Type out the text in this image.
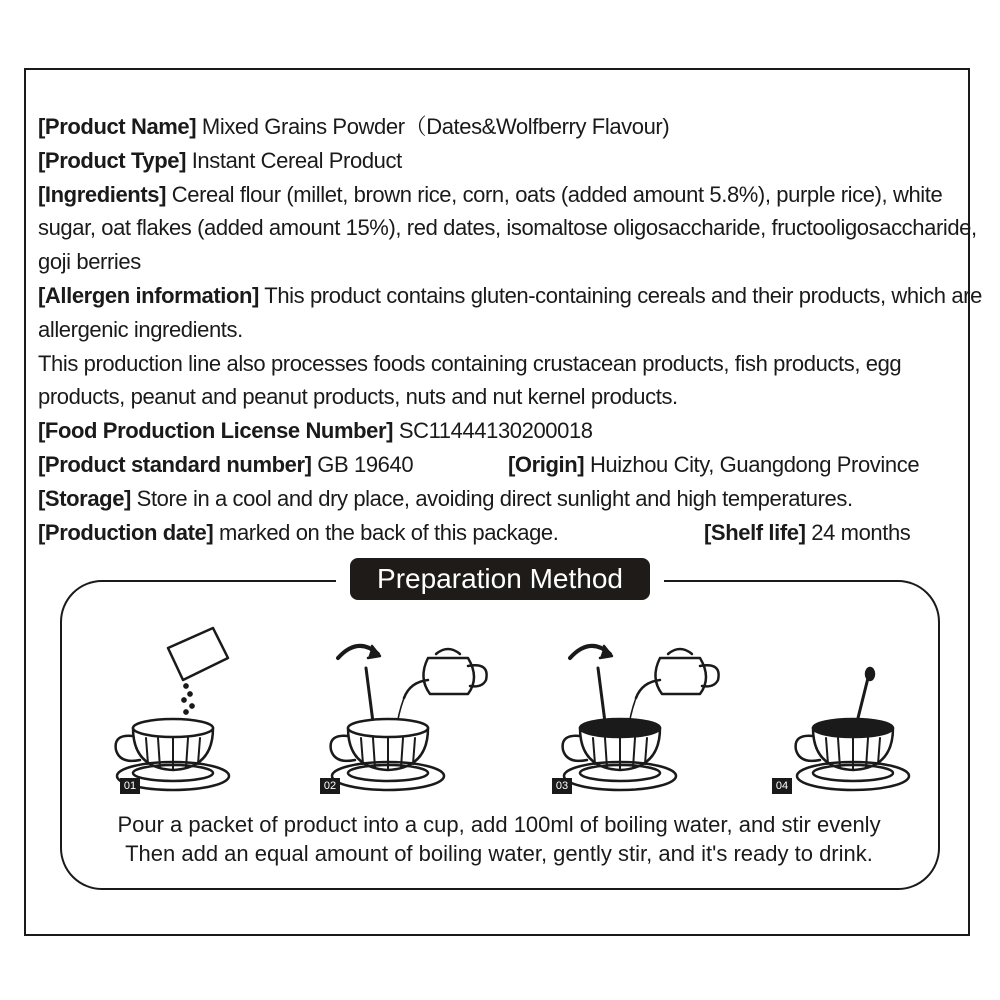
[Product Name] Mixed Grains Powder（Dates&Wolfberry Flavour)
[Product Type] Instant Cereal Product
[Ingredients] Cereal flour (millet, brown rice, corn, oats (added amount 5.8%), purple rice), white
sugar, oat flakes (added amount 15%), red dates, isomaltose oligosaccharide, fructooligosaccharide,
goji berries
[Allergen information] This product contains gluten-containing cereals and their products, which are
allergenic ingredients.
This production line also processes foods containing crustacean products, fish products, egg
products, peanut and peanut products, nuts and nut kernel products.
[Food Production License Number] SC11444130200018
[Product standard number] GB 19640	[Origin] Huizhou City, Guangdong Province
[Storage] Store in a cool and dry place, avoiding direct sunlight and high temperatures.
[Production date] marked on the back of this package.	[Shelf life] 24 months
Preparation Method
01	02	03	04
Pour a packet of product into a cup, add 100ml of boiling water, and stir evenly
Then add an equal amount of boiling water, gently stir, and it's ready to drink.
